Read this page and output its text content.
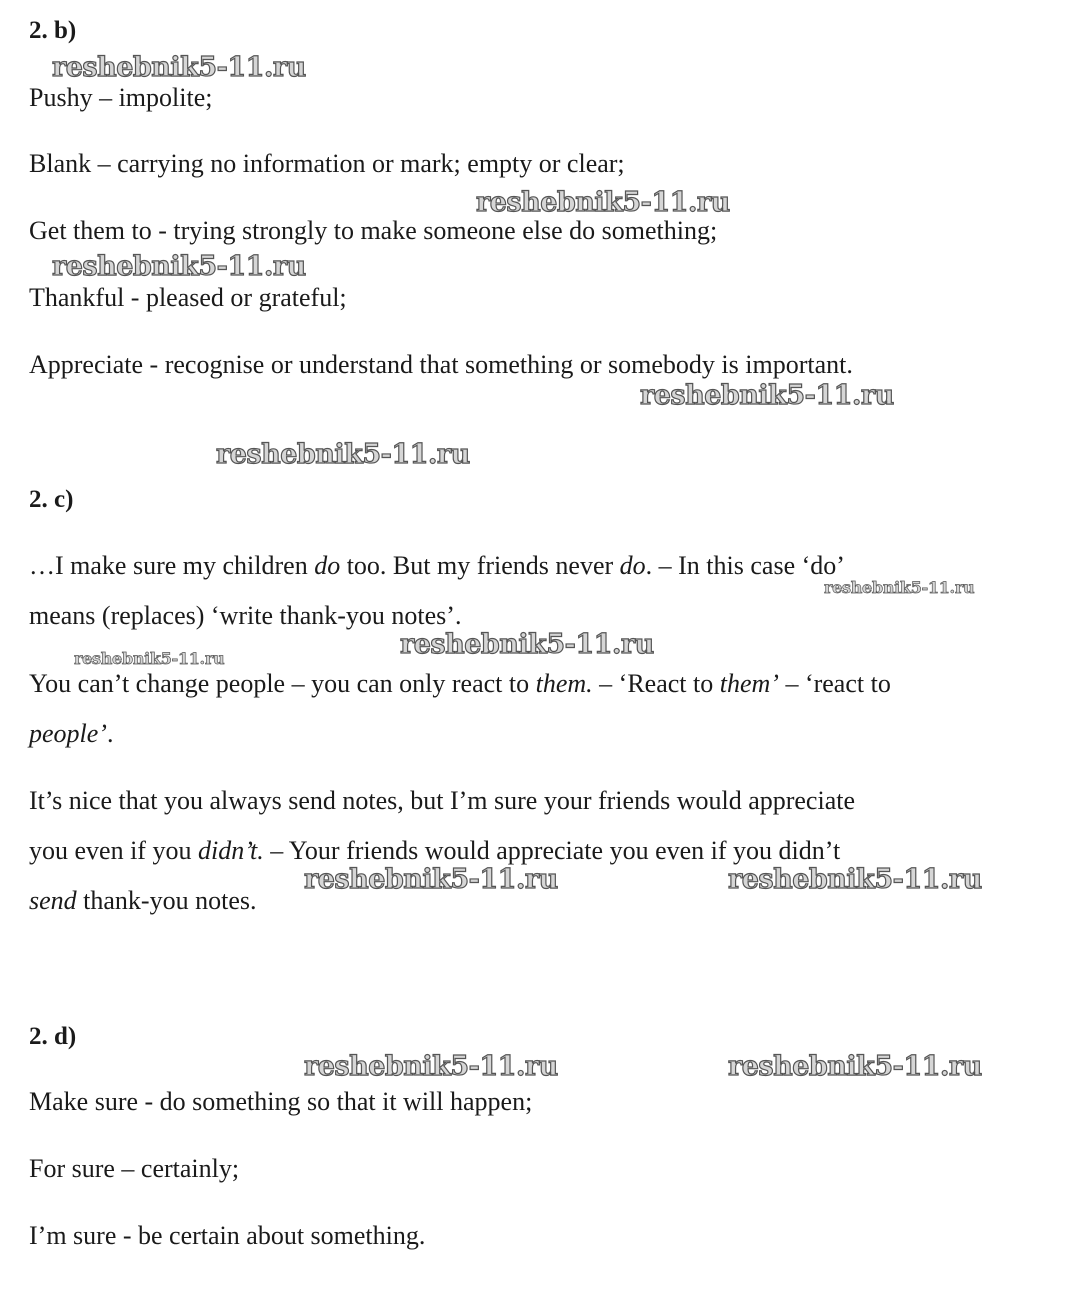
2. b)
reshebnik5-11.ru

Pushy – impolite;

Blank – carrying no information or mark; empty or clear;

reshebnik5-11.ru

Get them to - trying strongly to make someone else do something;

reshebnik5-11.ru

Thankful - pleased or grateful;

Appreciate - recognise or understand that something or somebody is important.

reshebnik5-11.ru
reshebnik5-11.ru
2. c)

…I make sure my children do too. But my friends never do. – In this case ‘do’

reshebnik5-11.ru

means (replaces) ‘write thank-you notes’.

reshebnik5-11.ru
reshebnik5-11.ru

You can’t change people – you can only react to them. – ‘React to them’ – ‘react to

people’.

It’s nice that you always send notes, but I’m sure your friends would appreciate

you even if you didn’t. – Your friends would appreciate you even if you didn’t

reshebnik5-11.ru	reshebnik5-11.ru

send thank-you notes.

2. d)
reshebnik5-11.ru	reshebnik5-11.ru

Make sure - do something so that it will happen;

For sure – certainly;

I’m sure - be certain about something.
